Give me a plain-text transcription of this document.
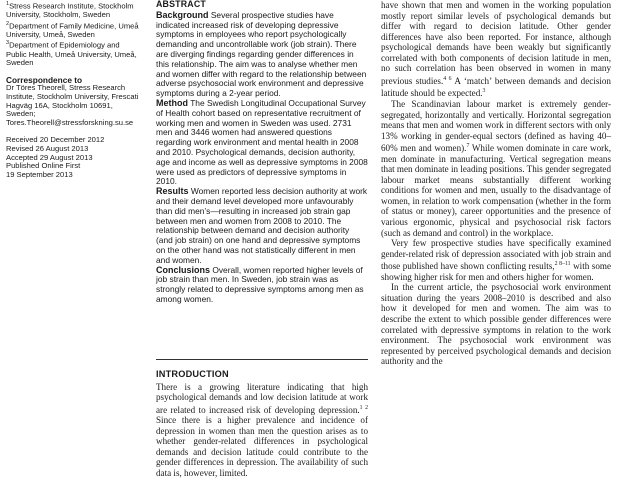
$^1$Stress Research Institute, Stockholm University, Stockholm, Sweden
$^2$Department of Family Medicine, Umeå University, Umeå, Sweden
$^3$Department of Epidemiology and Public Health, Umeå University, Umeå, Sweden
Correspondence to
Dr Töres Theorell, Stress Research Institute, Stockholm University, Frescati Hagväg 16A, Stockholm 10691, Sweden; Tores.Theorell@stressforskning.su.se
Received 20 December 2012
Revised 26 August 2013
Accepted 29 August 2013
Published Online First
19 September 2013
ABSTRACT

Background Several prospective studies have indicated increased risk of developing depressive symptoms in employees who report psychologically demanding and uncontrollable work (job strain). There are diverging findings regarding gender differences in this relationship. The aim was to analyse whether men and women differ with regard to the relationship between adverse psychosocial work environment and depressive symptoms during a 2-year period.

Method The Swedish Longitudinal Occupational Survey of Health cohort based on representative recruitment of working men and women in Sweden was used. 2731 men and 3446 women had answered questions regarding work environment and mental health in 2008 and 2010. Psychological demands, decision authority, age and income as well as depressive symptoms in 2008 were used as predictors of depressive symptoms in 2010.

Results Women reported less decision authority at work and their demand level developed more unfavourably than did men’s—resulting in increased job strain gap between men and women from 2008 to 2010. The relationship between demand and decision authority (and job strain) on one hand and depressive symptoms on the other hand was not statistically different in men and women.

Conclusions Overall, women reported higher levels of job strain than men. In Sweden, job strain was as strongly related to depressive symptoms among men as among women.

INTRODUCTION

There is a growing literature indicating that high psychological demands and low decision latitude at work are related to increased risk of developing depression.$^{1 2}$ Since there is a higher prevalence and incidence of depression in women than men the question arises as to whether gender-related differences in psychological demands and decision latitude could contribute to the gender differences in depression. The availability of such data is, however, limited.

have shown that men and women in the working population mostly report similar levels of psychological demands but differ with regard to decision latitude. Other gender differences have also been reported. For instance, although psychological demands have been weakly but significantly correlated with both components of decision latitude in men, no such correlation has been observed in women in many previous studies.$^{4 6}$ A ‘match’ between demands and decision latitude should be expected.$^3$

The Scandinavian labour market is extremely gender-segregated, horizontally and vertically. Horizontal segregation means that men and women work in different sectors with only 13% working in gender-equal sectors (defined as having 40–60% men and women).$^7$ While women dominate in care work, men dominate in manufacturing. Vertical segregation means that men dominate in leading positions. This gender segregated labour market means substantially different working conditions for women and men, usually to the disadvantage of women, in relation to work compensation (whether in the form of status or money), career opportunities and the presence of various ergonomic, physical and psychosocial risk factors (such as demand and control) in the workplace.

Very few prospective studies have specifically examined gender-related risk of depression associated with job strain and those published have shown conflicting results,$^{2 8-11}$ with some showing higher risk for men and others higher for women.

In the current article, the psychosocial work environment situation during the years 2008–2010 is described and also how it developed for men and women. The aim was to describe the extent to which possible gender differences were correlated with depressive symptoms in relation to the work environment. The psychosocial work environment was represented by perceived psychological demands and decision authority and the
